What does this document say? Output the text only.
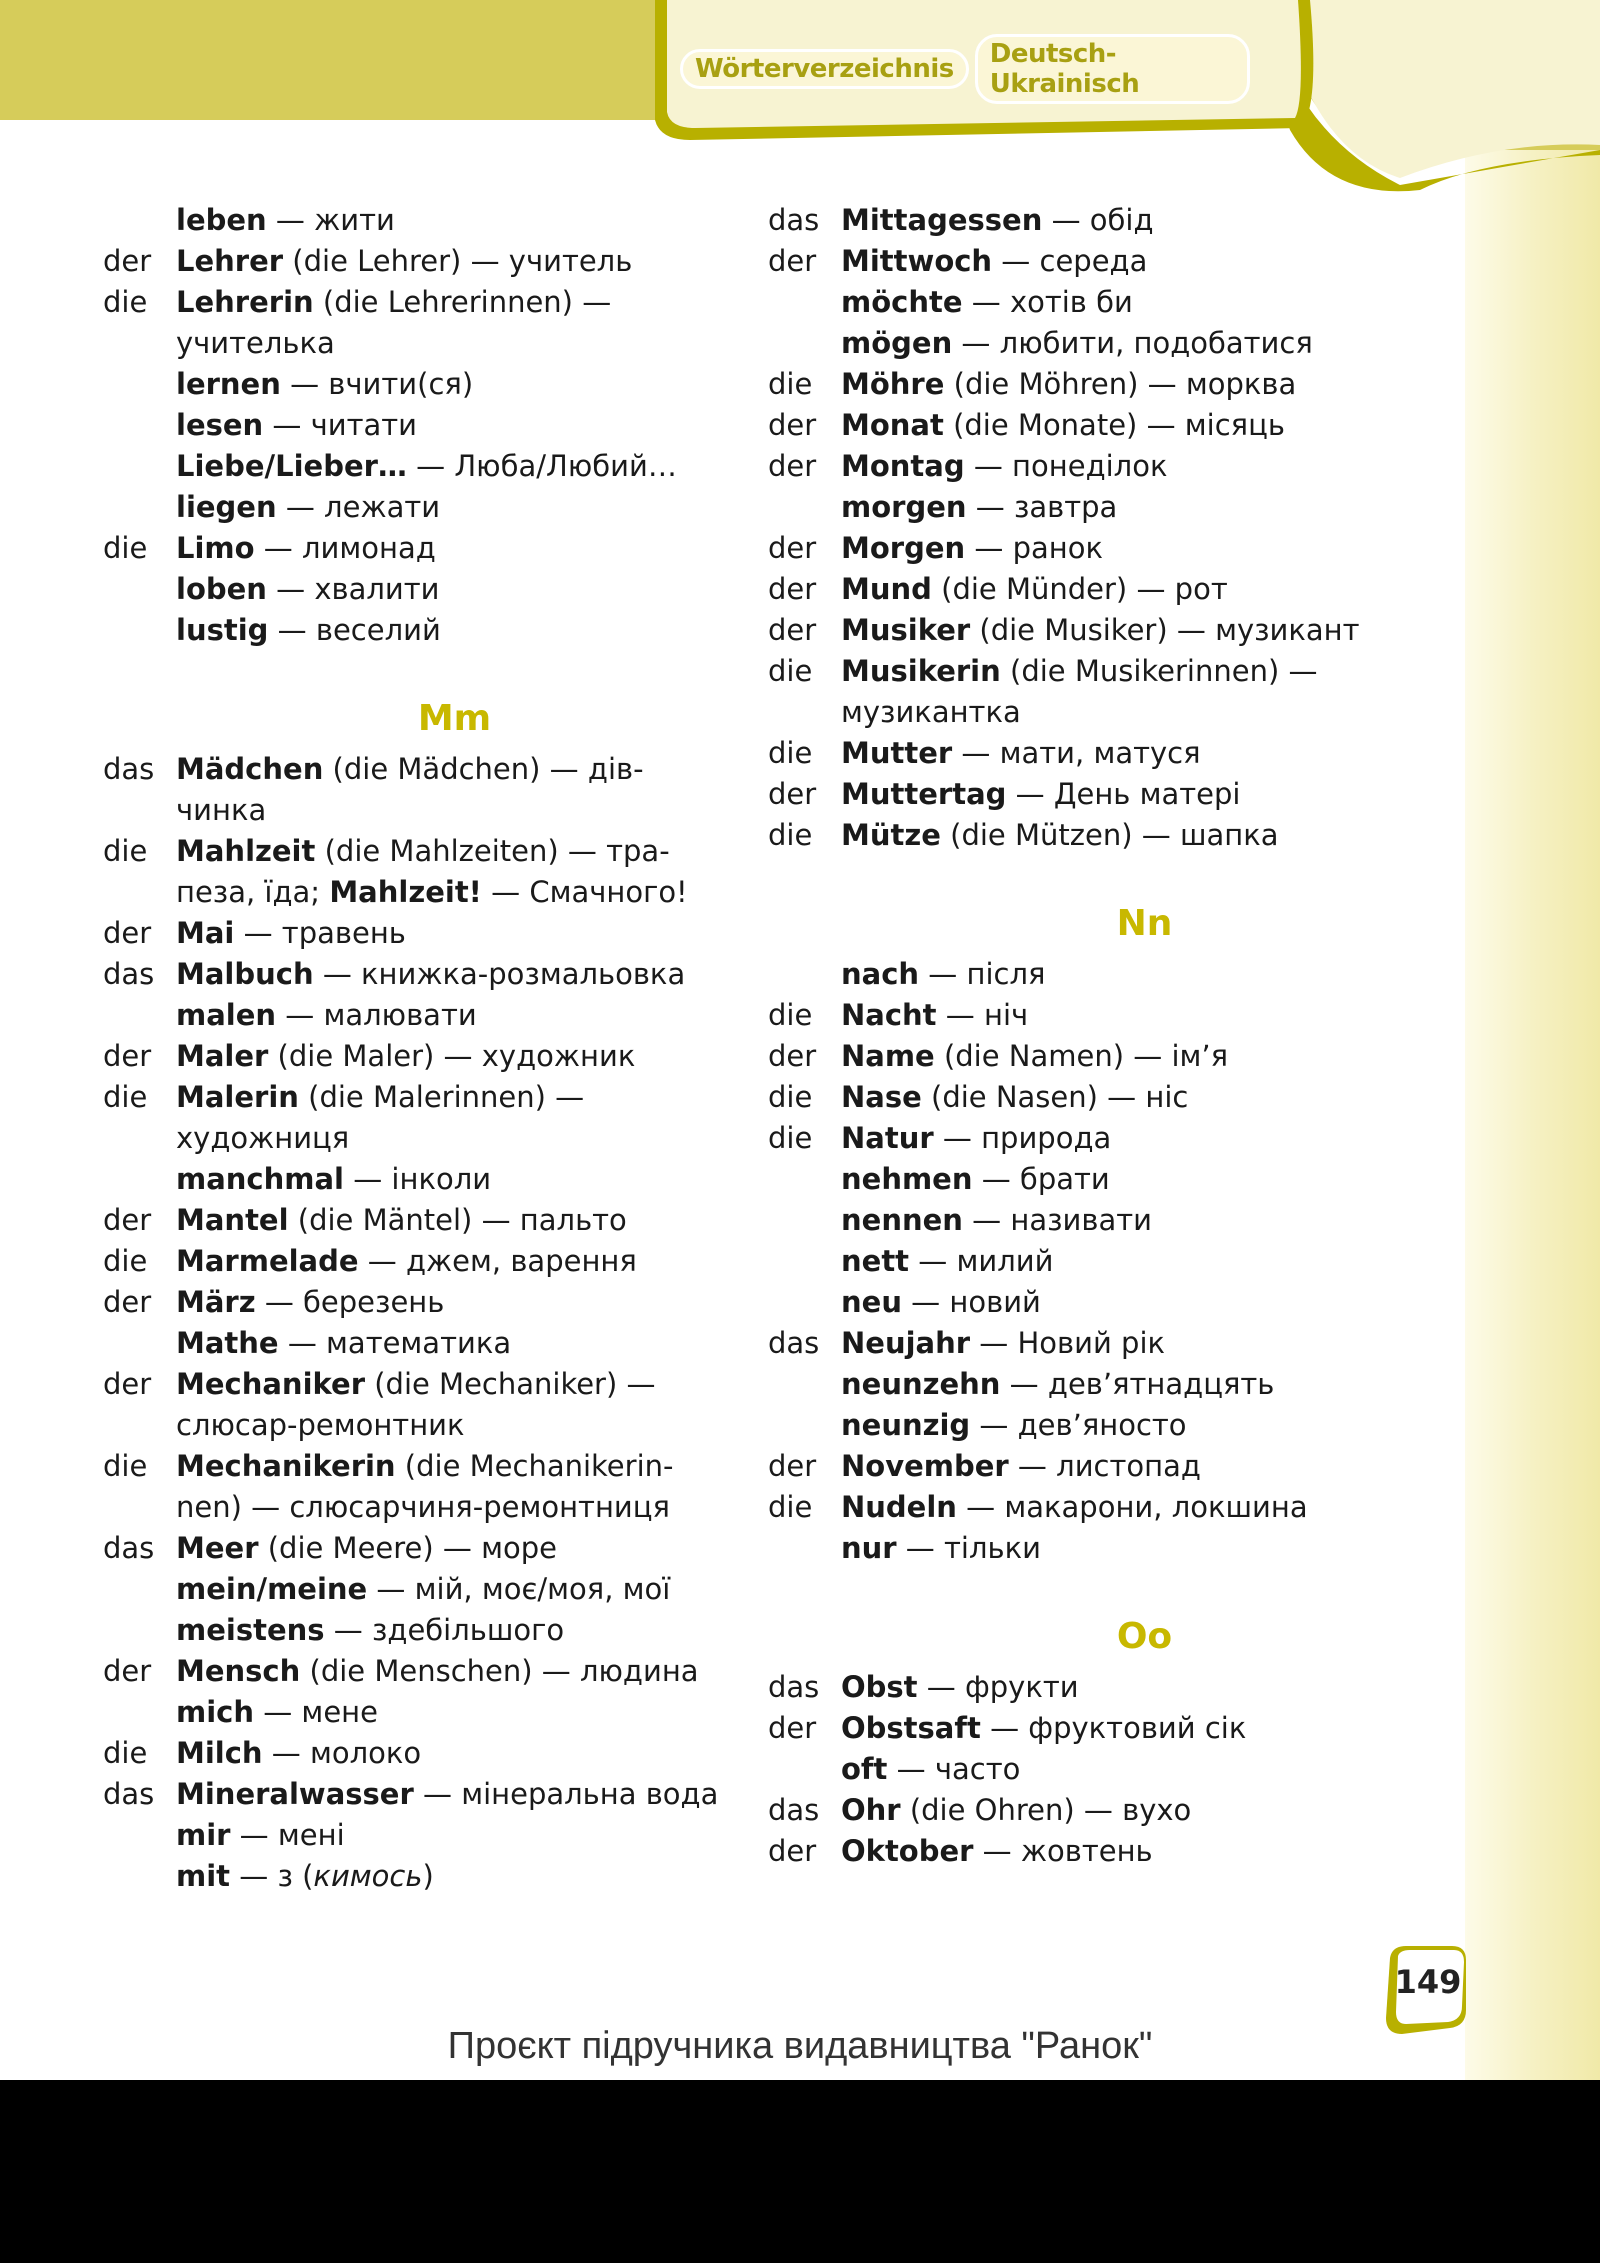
Wörterverzeichnis	Deutsch-Ukrainisch
leben — жити
der Lehrer (die Lehrer) — учитель
die Lehrerin (die Lehrerinnen) — учителька
lernen — вчити(ся)
lesen — читати
Liebe/Lieber… — Люба/Любий…
liegen — лежати
die Limo — лимонад
loben — хвалити
lustig — веселий
Mm
das Mädchen (die Mädchen) — дів-чинка
die Mahlzeit (die Mahlzeiten) — тра-пеза, їда; Mahlzeit! — Смачного!
der Mai — травень
das Malbuch — книжка-розмальовка
malen — малювати
der Maler (die Maler) — художник
die Malerin (die Malerinnen) — художниця
manchmal — інколи
der Mantel (die Mäntel) — пальто
die Marmelade — джем, варення
der März — березень
Mathe — математика
der Mechaniker (die Mechaniker) — слюсар-ремонтник
die Mechanikerin (die Mechanikerin-nen) — слюсарчиня-ремонтниця
das Meer (die Meere) — море
mein/meine — мій, моє/моя, мої
meistens — здебільшого
der Mensch (die Menschen) — людина
mich — мене
die Milch — молоко
das Mineralwasser — мінеральна вода
mir — мені
mit — з (кимось)
das Mittagessen — обід
der Mittwoch — середа
möchte — хотів би
mögen — любити, подобатися
die Möhre (die Möhren) — морква
der Monat (die Monate) — місяць
der Montag — понеділок
morgen — завтра
der Morgen — ранок
der Mund (die Münder) — рот
der Musiker (die Musiker) — музикант
die Musikerin (die Musikerinnen) — музикантка
die Mutter — мати, матуся
der Muttertag — День матері
die Mütze (die Mützen) — шапка
Nn
nach — після
die Nacht — ніч
der Name (die Namen) — ім’я
die Nase (die Nasen) — ніс
die Natur — природа
nehmen — брати
nennen — називати
nett — милий
neu — новий
das Neujahr — Новий рік
neunzehn — дев’ятнадцять
neunzig — дев’яносто
der November — листопад
die Nudeln — макарони, локшина
nur — тільки
Oo
das Obst — фрукти
der Obstsaft — фруктовий сік
oft — часто
das Ohr (die Ohren) — вухо
der Oktober — жовтень
149
Проєкт підручника видавництва "Ранок"
